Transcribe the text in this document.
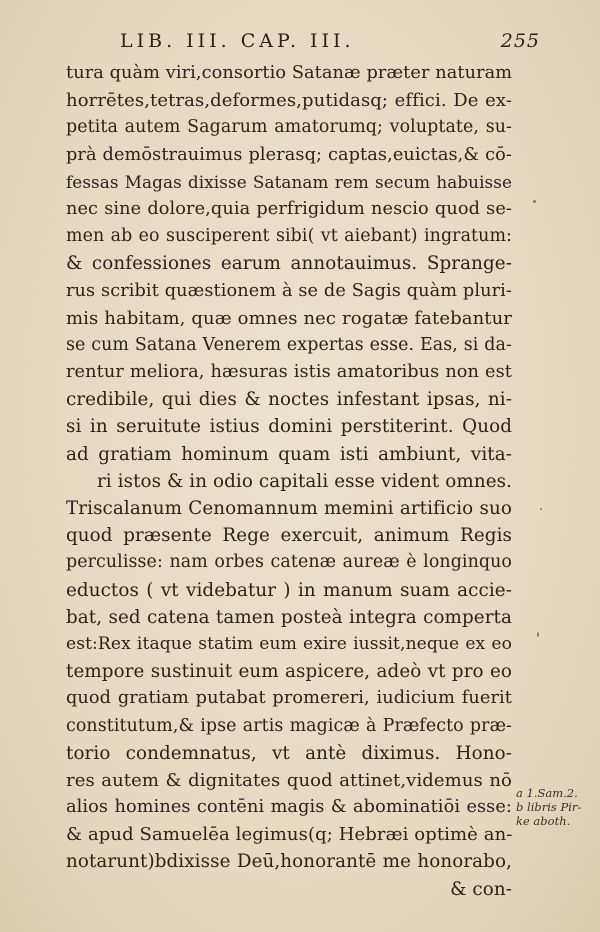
LIB. III. CAP. III.	255
tura quàm viri,consortio Satanæ præter naturam
horrētes,tetras,deformes,putidasq; effici. De ex-
petita autem Sagarum amatorumq; voluptate, su-
prà demōstrauimus plerasq; captas,euictas,& cō-
fessas Magas dixisse Satanam rem secum habuisse
nec sine dolore,quia perfrigidum nescio quod se-
men ab eo susciperent sibi( vt aiebant) ingratum:
& confessiones earum annotauimus. Sprange-
rus scribit quæstionem à se de Sagis quàm pluri-
mis habitam, quæ omnes nec rogatæ fatebantur
se cum Satana Venerem expertas esse. Eas, si da-
rentur meliora, hæsuras istis amatoribus non est
credibile, qui dies & noctes infestant ipsas, ni-
si in seruitute istius domini perstiterint. Quod
ad gratiam hominum quam isti ambiunt, vita-
ri istos & in odio capitali esse vident omnes.
Triscalanum Cenomannum memini artificio suo
quod præsente Rege exercuit, animum Regis
perculisse: nam orbes catenæ aureæ è longinquo
eductos ( vt videbatur ) in manum suam accie-
bat, sed catena tamen posteà integra comperta
est:Rex itaque statim eum exire iussit,neque ex eo
tempore sustinuit eum aspicere, adeò vt pro eo
quod gratiam putabat promereri, iudicium fuerit
constitutum,& ipse artis magicæ à Præfecto præ-
torio condemnatus, vt antè diximus. Hono-
res autem & dignitates quod attinet,videmus nō
alios homines contēni magis & abominatiōi esse:
& apud Samuelēa legimus(q; Hebræi optimè an-
notarunt)bdixisse Deū,honorantē me honorabo,
& con-
a 1.Sam.2.
b libris Pir-
ke aboth.
